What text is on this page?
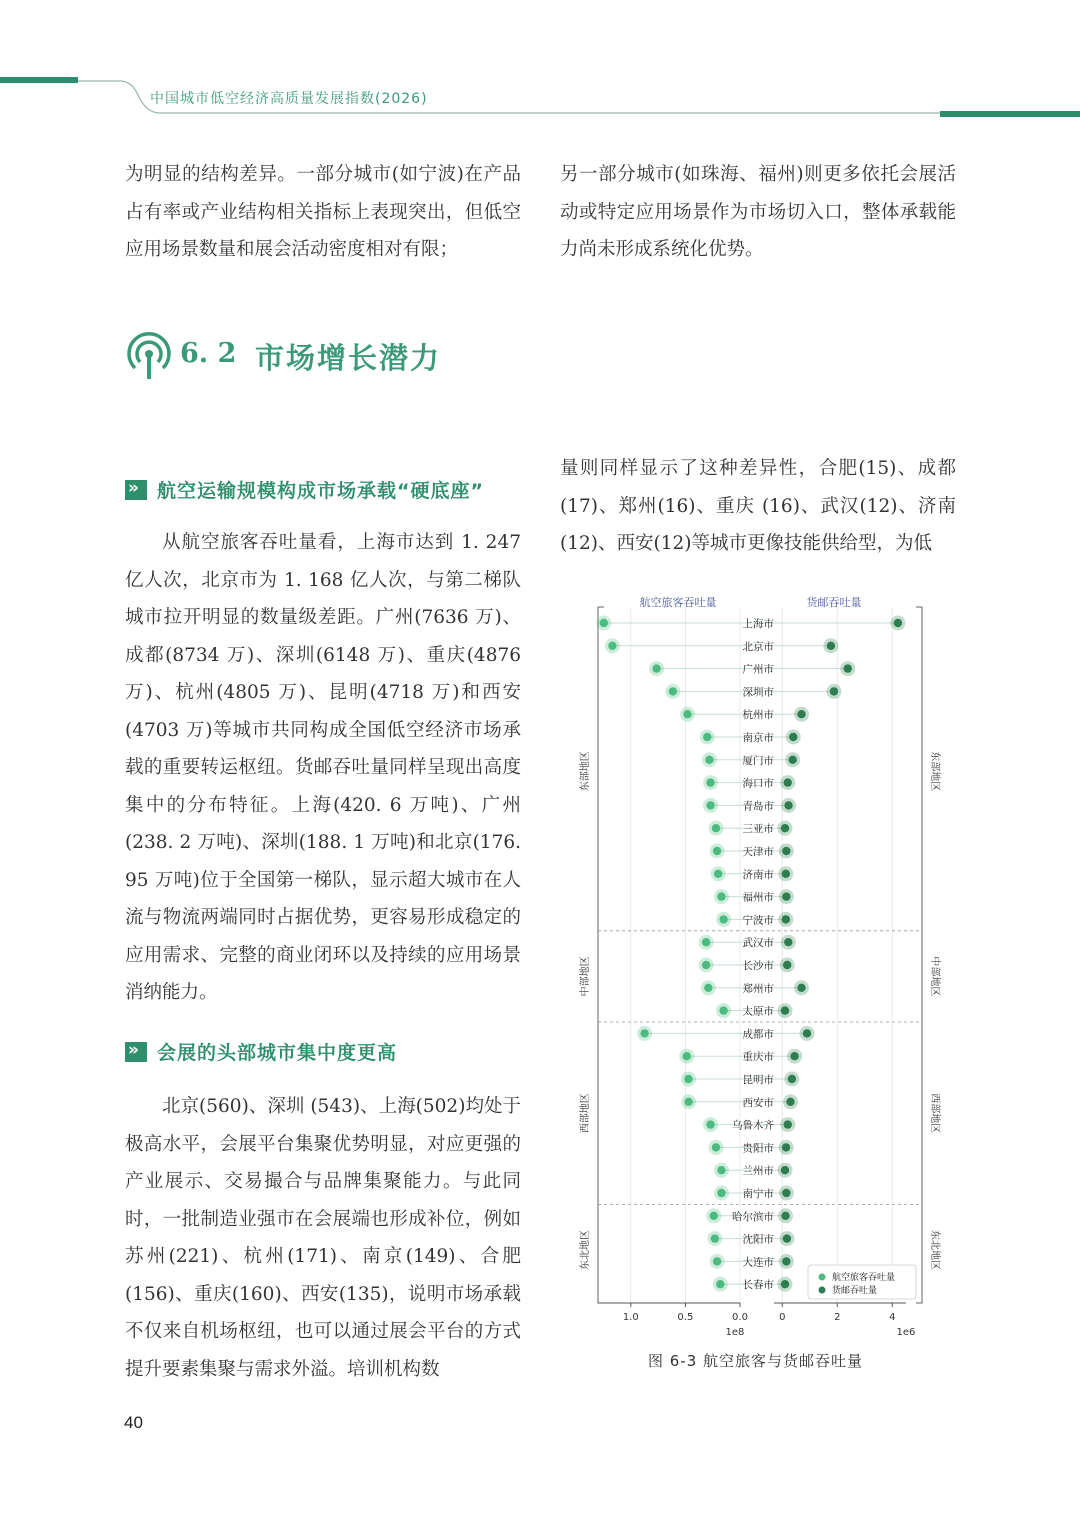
中国城市低空经济高质量发展指数(2026)

为明显的结构差异。一部分城市(如宁波)在产品占有率或产业结构相关指标上表现突出，但低空应用场景数量和展会活动密度相对有限；

另一部分城市(如珠海、福州)则更多依托会展活动或特定应用场景作为市场切入口，整体承载能力尚未形成系统化优势。

6. 2 市场增长潜力
» 航空运输规模构成市场承载“硬底座”

从航空旅客吞吐量看，上海市达到 1. 247 亿人次，北京市为 1. 168 亿人次，与第二梯队城市拉开明显的数量级差距。广州(7636 万)、成都(8734 万)、深圳(6148 万)、重庆(4876 万)、杭州(4805 万)、昆明(4718 万)和西安(4703 万)等城市共同构成全国低空经济市场承载的重要转运枢纽。货邮吞吐量同样呈现出高度集中的分布特征。上海(420. 6 万吨)、广州(238. 2 万吨)、深圳(188. 1 万吨)和北京(176. 95 万吨)位于全国第一梯队，显示超大城市在人流与物流两端同时占据优势，更容易形成稳定的应用需求、完整的商业闭环以及持续的应用场景消纳能力。

» 会展的头部城市集中度更高

北京(560)、深圳 (543)、上海(502)均处于极高水平，会展平台集聚优势明显，对应更强的产业展示、交易撮合与品牌集聚能力。与此同时，一批制造业强市在会展端也形成补位，例如苏州(221)、杭州(171)、南京(149)、合肥(156)、重庆(160)、西安(135)，说明市场承载不仅来自机场枢纽，也可以通过展会平台的方式提升要素集聚与需求外溢。培训机构数

量则同样显示了这种差异性，合肥(15)、成都(17)、郑州(16)、重庆 (16)、武汉(12)、济南(12)、西安(12)等城市更像技能供给型，为低

航空旅客吞吐量	货邮吞吐量
上海市
北京市
广州市
深圳市
杭州市
南京市
厦门市
海口市
青岛市
三亚市
天津市
济南市
福州市
宁波市
东部地区	东部地区
武汉市
长沙市
郑州市
太原市
中部地区	中部地区
成都市
重庆市
昆明市
西安市
乌鲁木齐
贵阳市
兰州市
南宁市
西部地区	西部地区
哈尔滨市
沈阳市
大连市
长春市
东北地区	东北地区
1.0	0.5	0.0
1e8
0	2	4
1e6
航空旅客吞吐量
货邮吞吐量
图 6-3 航空旅客与货邮吞吐量
40
